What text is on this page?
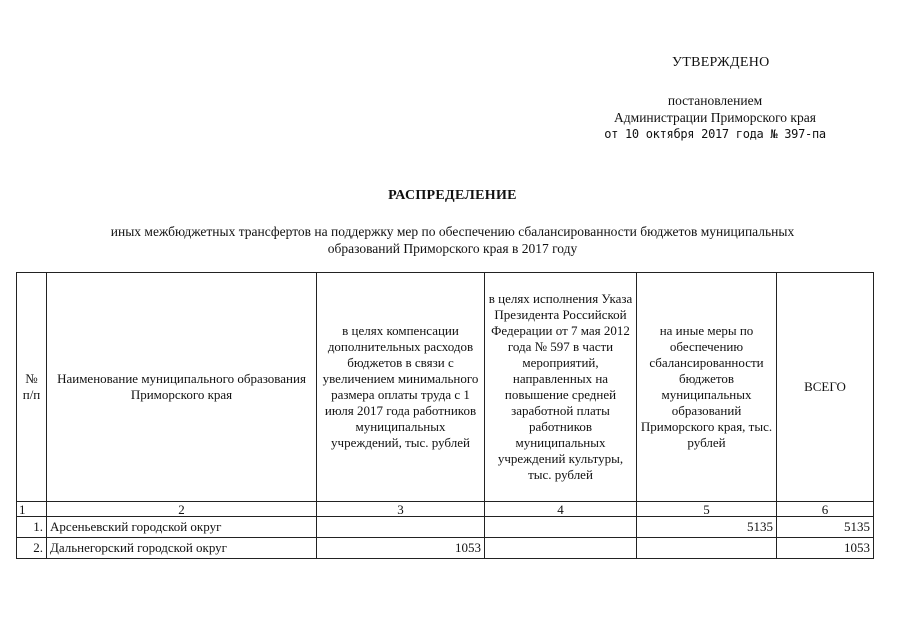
УТВЕРЖДЕНО
постановлением
Администрации Приморского края
от 10 октября 2017 года № 397-па
РАСПРЕДЕЛЕНИЕ
иных межбюджетных трансфертов на поддержку мер по обеспечению сбалансированности бюджетов муниципальных
образований Приморского края в 2017 году
№ п/п	Наименование муниципального образования Приморского края	в целях компенсации дополнительных расходов бюджетов в связи с увеличением минимального размера оплаты труда с 1 июля 2017 года работников муниципальных учреждений, тыс. рублей	в целях исполнения Указа Президента Российской Федерации от 7 мая 2012 года № 597 в части мероприятий, направленных на повышение средней заработной платы работников муниципальных учреждений культуры, тыс. рублей	на иные меры по обеспечению сбалансированности бюджетов муниципальных образований Приморского края, тыс. рублей	ВСЕГО
1	2	3	4	5	6
1.	Арсеньевский городской округ			5135	5135
2.	Дальнегорский городской округ	1053			1053
